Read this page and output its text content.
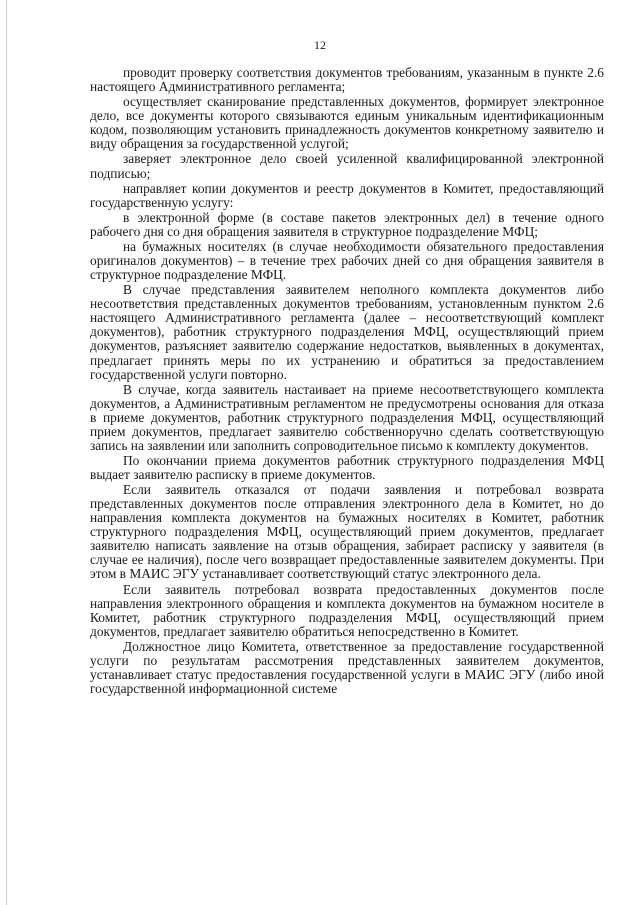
12

проводит проверку соответствия документов требованиям, указанным в пункте 2.6 настоящего Административного регламента;

осуществляет сканирование представленных документов, формирует электронное дело, все документы которого связываются единым уникальным идентификационным кодом, позволяющим установить принадлежность документов конкретному заявителю и виду обращения за государственной услугой;

заверяет электронное дело своей усиленной квалифицированной электронной подписью;

направляет копии документов и реестр документов в Комитет, предоставляющий государственную услугу:

в электронной форме (в составе пакетов электронных дел) в течение одного рабочего дня со дня обращения заявителя в структурное подразделение МФЦ;

на бумажных носителях (в случае необходимости обязательного предоставления оригиналов документов) – в течение трех рабочих дней со дня обращения заявителя в структурное подразделение МФЦ.

В случае представления заявителем неполного комплекта документов либо несоответствия представленных документов требованиям, установленным пунктом 2.6 настоящего Административного регламента (далее – несоответствующий комплект документов), работник структурного подразделения МФЦ, осуществляющий прием документов, разъясняет заявителю содержание недостатков, выявленных в документах, предлагает принять меры по их устранению и обратиться за предоставлением государственной услуги повторно.

В случае, когда заявитель настаивает на приеме несоответствующего комплекта документов, а Административным регламентом не предусмотрены основания для отказа в приеме документов, работник структурного подразделения МФЦ, осуществляющий прием документов, предлагает заявителю собственноручно сделать соответствующую запись на заявлении или заполнить сопроводительное письмо к комплекту документов.

По окончании приема документов работник структурного подразделения МФЦ выдает заявителю расписку в приеме документов.

Если заявитель отказался от подачи заявления и потребовал возврата представленных документов после отправления электронного дела в Комитет, но до направления комплекта документов на бумажных носителях в Комитет, работник структурного подразделения МФЦ, осуществляющий прием документов, предлагает заявителю написать заявление на отзыв обращения, забирает расписку у заявителя (в случае ее наличия), после чего возвращает предоставленные заявителем документы. При этом в МАИС ЭГУ устанавливает соответствующий статус электронного дела.

Если заявитель потребовал возврата предоставленных документов после направления электронного обращения и комплекта документов на бумажном носителе в Комитет, работник структурного подразделения МФЦ, осуществляющий прием документов, предлагает заявителю обратиться непосредственно в Комитет.

Должностное лицо Комитета, ответственное за предоставление государственной услуги по результатам рассмотрения представленных заявителем документов, устанавливает статус предоставления государственной услуги в МАИС ЭГУ (либо иной государственной информационной системе
